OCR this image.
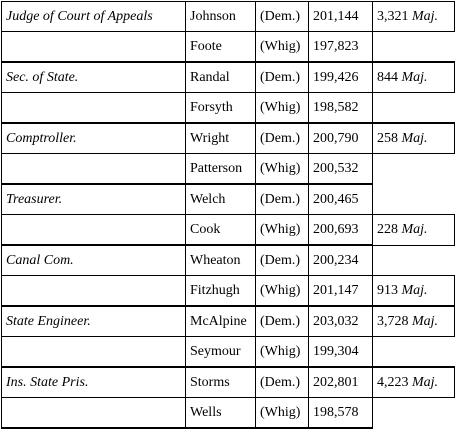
Judge of Court of Appeals	Johnson	(Dem.)	201,144	3,321 Maj.
	Foote	(Whig)	197,823	
Sec. of State.	Randal	(Dem.)	199,426	844 Maj.
	Forsyth	(Whig)	198,582	
Comptroller.	Wright	(Dem.)	200,790	258 Maj.
	Patterson	(Whig)	200,532	
Treasurer.	Welch	(Dem.)	200,465	
	Cook	(Whig)	200,693	228 Maj.
Canal Com.	Wheaton	(Dem.)	200,234	
	Fitzhugh	(Whig)	201,147	913 Maj.
State Engineer.	McAlpine	(Dem.)	203,032	3,728 Maj.
	Seymour	(Whig)	199,304	
Ins. State Pris.	Storms	(Dem.)	202,801	4,223 Maj.
	Wells	(Whig)	198,578	
